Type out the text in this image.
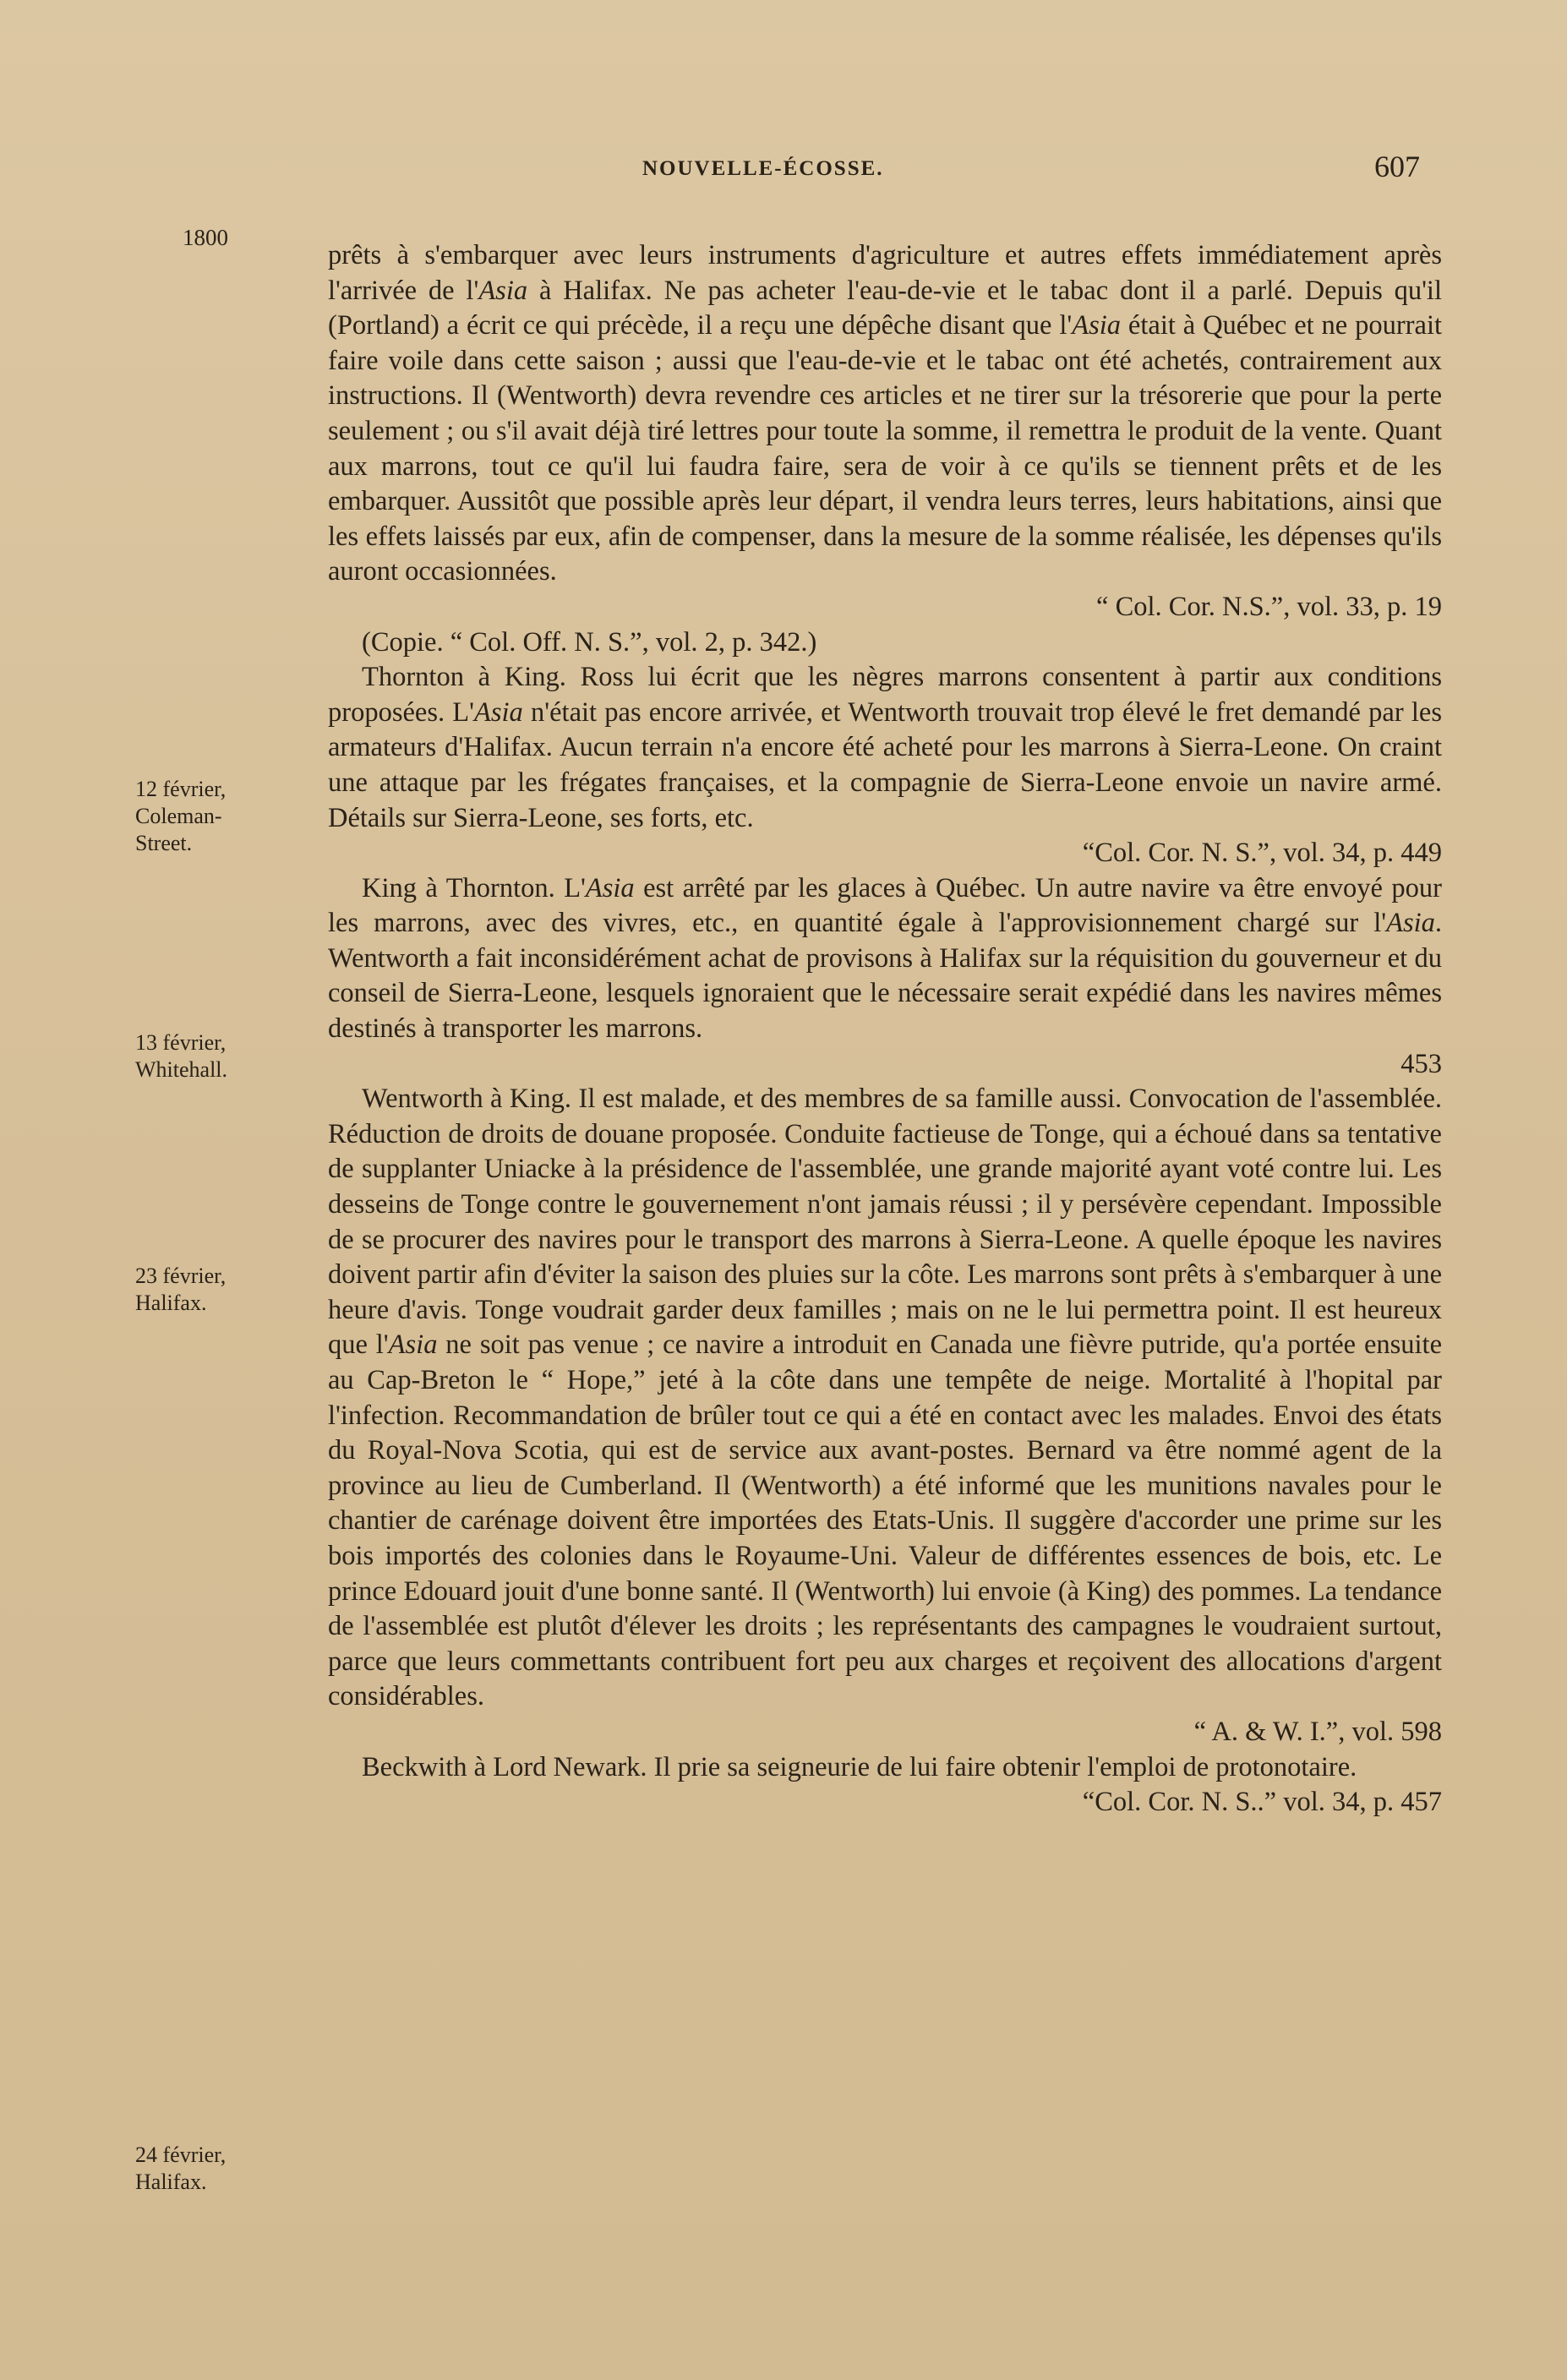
NOUVELLE-ÉCOSSE.	607
1800
12 février,
Coleman-
Street.
13 février,
Whitehall.
23 février,
Halifax.
24 février,
Halifax.

prêts à s'embarquer avec leurs instruments d'agriculture et autres effets immédiatement après l'arrivée de l'Asia à Halifax. Ne pas acheter l'eau-de-vie et le tabac dont il a parlé. Depuis qu'il (Portland) a écrit ce qui précède, il a reçu une dépêche disant que l'Asia était à Québec et ne pourrait faire voile dans cette saison ; aussi que l'eau-de-vie et le tabac ont été achetés, contrairement aux instructions. Il (Wentworth) devra revendre ces articles et ne tirer sur la trésorerie que pour la perte seulement ; ou s'il avait déjà tiré lettres pour toute la somme, il remettra le produit de la vente. Quant aux marrons, tout ce qu'il lui faudra faire, sera de voir à ce qu'ils se tiennent prêts et de les embarquer. Aussitôt que possible après leur départ, il vendra leurs terres, leurs habitations, ainsi que les effets laissés par eux, afin de compenser, dans la mesure de la somme réalisée, les dépenses qu'ils auront occasionnées.

“ Col. Cor. N.S.”, vol. 33, p. 19
(Copie. “ Col. Off. N. S.”, vol. 2, p. 342.)

Thornton à King. Ross lui écrit que les nègres marrons consentent à partir aux conditions proposées. L'Asia n'était pas encore arrivée, et Wentworth trouvait trop élevé le fret demandé par les armateurs d'Halifax. Aucun terrain n'a encore été acheté pour les marrons à Sierra-Leone. On craint une attaque par les frégates françaises, et la compagnie de Sierra-Leone envoie un navire armé. Détails sur Sierra-Leone, ses forts, etc.

“Col. Cor. N. S.”, vol. 34, p. 449

King à Thornton. L'Asia est arrêté par les glaces à Québec. Un autre navire va être envoyé pour les marrons, avec des vivres, etc., en quantité égale à l'approvisionnement chargé sur l'Asia. Wentworth a fait inconsidérément achat de provisons à Halifax sur la réquisition du gouverneur et du conseil de Sierra-Leone, lesquels ignoraient que le nécessaire serait expédié dans les navires mêmes destinés à transporter les marrons.

453

Wentworth à King. Il est malade, et des membres de sa famille aussi. Convocation de l'assemblée. Réduction de droits de douane proposée. Conduite factieuse de Tonge, qui a échoué dans sa tentative de supplanter Uniacke à la présidence de l'assemblée, une grande majorité ayant voté contre lui. Les desseins de Tonge contre le gouvernement n'ont jamais réussi ; il y persévère cependant. Impossible de se procurer des navires pour le transport des marrons à Sierra-Leone. A quelle époque les navires doivent partir afin d'éviter la saison des pluies sur la côte. Les marrons sont prêts à s'embarquer à une heure d'avis. Tonge voudrait garder deux familles ; mais on ne le lui permettra point. Il est heureux que l'Asia ne soit pas venue ; ce navire a introduit en Canada une fièvre putride, qu'a portée ensuite au Cap-Breton le “ Hope,” jeté à la côte dans une tempête de neige. Mortalité à l'hopital par l'infection. Recommandation de brûler tout ce qui a été en contact avec les malades. Envoi des états du Royal-Nova Scotia, qui est de service aux avant-postes. Bernard va être nommé agent de la province au lieu de Cumberland. Il (Wentworth) a été informé que les munitions navales pour le chantier de carénage doivent être importées des Etats-Unis. Il suggère d'accorder une prime sur les bois importés des colonies dans le Royaume-Uni. Valeur de différentes essences de bois, etc. Le prince Edouard jouit d'une bonne santé. Il (Wentworth) lui envoie (à King) des pommes. La tendance de l'assemblée est plutôt d'élever les droits ; les représentants des campagnes le voudraient surtout, parce que leurs commettants contribuent fort peu aux charges et reçoivent des allocations d'argent considérables.

“ A. & W. I.”, vol. 598

Beckwith à Lord Newark. Il prie sa seigneurie de lui faire obtenir l'emploi de protonotaire.

“Col. Cor. N. S..” vol. 34, p. 457
